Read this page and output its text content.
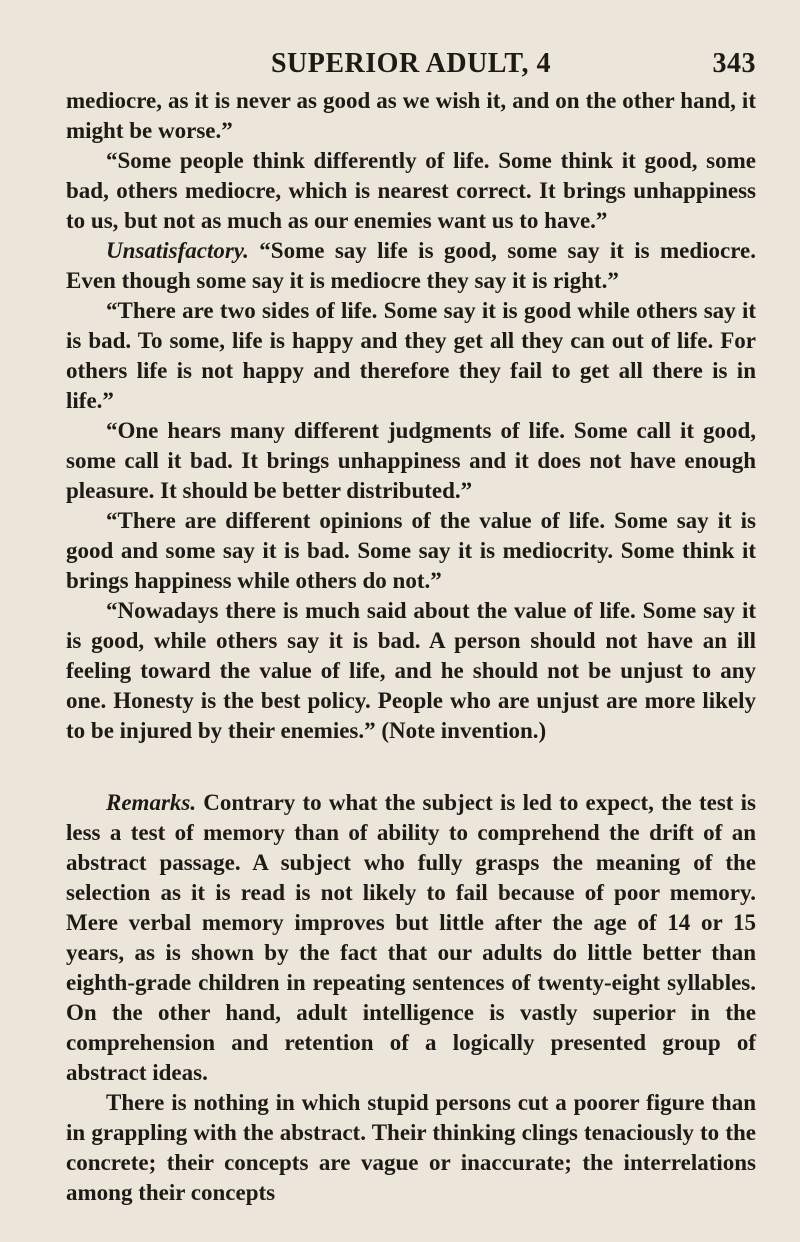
SUPERIOR ADULT, 4	343

mediocre, as it is never as good as we wish it, and on the other hand, it might be worse.”

“Some people think differently of life. Some think it good, some bad, others mediocre, which is nearest correct. It brings unhappiness to us, but not as much as our enemies want us to have.”

Unsatisfactory. “Some say life is good, some say it is mediocre. Even though some say it is mediocre they say it is right.”

“There are two sides of life. Some say it is good while others say it is bad. To some, life is happy and they get all they can out of life. For others life is not happy and therefore they fail to get all there is in life.”

“One hears many different judgments of life. Some call it good, some call it bad. It brings unhappiness and it does not have enough pleasure. It should be better distributed.”

“There are different opinions of the value of life. Some say it is good and some say it is bad. Some say it is mediocrity. Some think it brings happiness while others do not.”

“Nowadays there is much said about the value of life. Some say it is good, while others say it is bad. A person should not have an ill feeling toward the value of life, and he should not be unjust to any one. Honesty is the best policy. People who are unjust are more likely to be injured by their enemies.” (Note invention.)

Remarks. Contrary to what the subject is led to expect, the test is less a test of memory than of ability to comprehend the drift of an abstract passage. A subject who fully grasps the meaning of the selection as it is read is not likely to fail because of poor memory. Mere verbal memory improves but little after the age of 14 or 15 years, as is shown by the fact that our adults do little better than eighth-grade children in repeating sentences of twenty-eight syllables. On the other hand, adult intelligence is vastly superior in the comprehension and retention of a logically presented group of abstract ideas.

There is nothing in which stupid persons cut a poorer figure than in grappling with the abstract. Their thinking clings tenaciously to the concrete; their concepts are vague or inaccurate; the interrelations among their concepts
